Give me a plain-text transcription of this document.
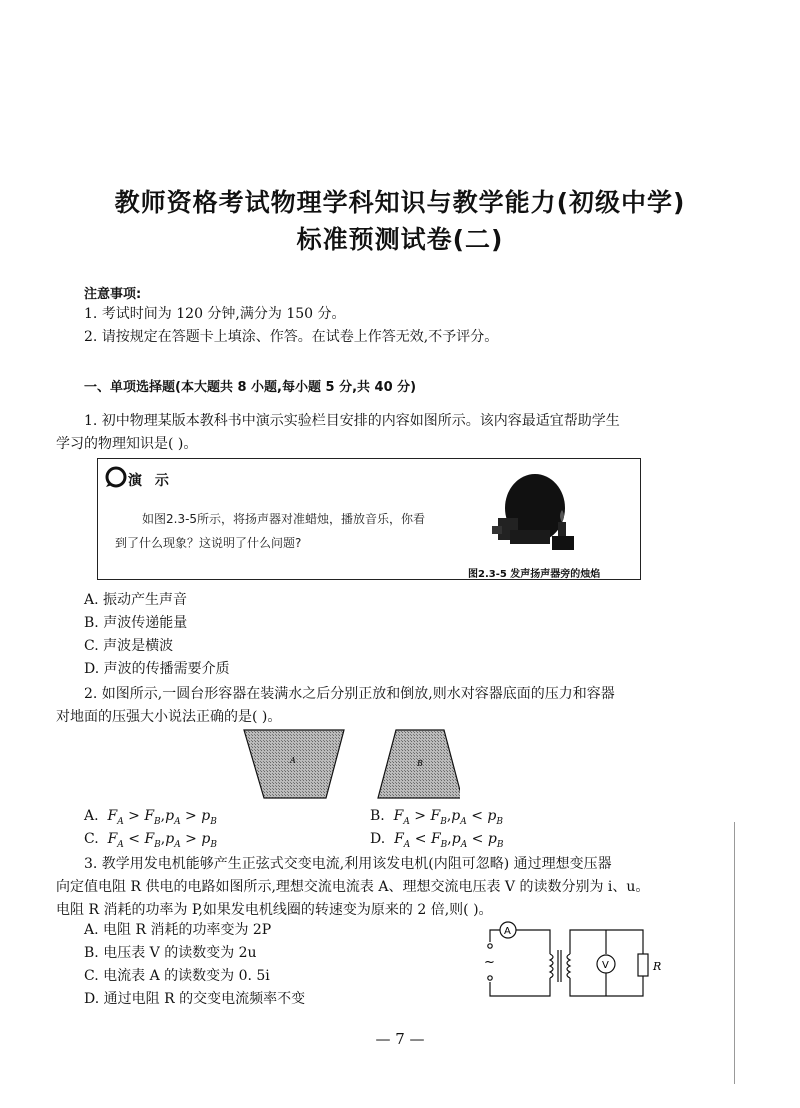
教师资格考试物理学科知识与教学能力(初级中学)
标准预测试卷(二)
注意事项:
1. 考试时间为 120 分钟,满分为 150 分。
2. 请按规定在答题卡上填涂、作答。在试卷上作答无效,不予评分。
一、单项选择题(本大题共 8 小题,每小题 5 分,共 40 分)
1. 初中物理某版本教科书中演示实验栏目安排的内容如图所示。该内容最适宜帮助学生
学习的物理知识是( )。
演 示
如图2.3-5所示，将扬声器对准蜡烛，播放音乐，你看
到了什么现象？这说明了什么问题?
图2.3-5 发声扬声器旁的烛焰
A. 振动产生声音
B. 声波传递能量
C. 声波是横波
D. 声波的传播需要介质
2. 如图所示,一圆台形容器在装满水之后分别正放和倒放,则水对容器底面的压力和容器
对地面的压强大小说法正确的是( )。
A	B
A.  $F_A > F_B,p_A > p_B$	B.  $F_A > F_B,p_A < p_B$
C.  $F_A < F_B,p_A > p_B$	D.  $F_A < F_B,p_A < p_B$
3. 教学用发电机能够产生正弦式交变电流,利用该发电机(内阻可忽略) 通过理想变压器
向定值电阻 R 供电的电路如图所示,理想交流电流表 A、理想交流电压表 V 的读数分别为 i、u。
电阻 R 消耗的功率为 P,如果发电机线圈的转速变为原来的 2 倍,则( )。
A. 电阻 R 消耗的功率变为 2P
B. 电压表 V 的读数变为 2u
C. 电流表 A 的读数变为 0. 5i
D. 通过电阻 R 的交变电流频率不变
A
V	R
~
— 7 —
